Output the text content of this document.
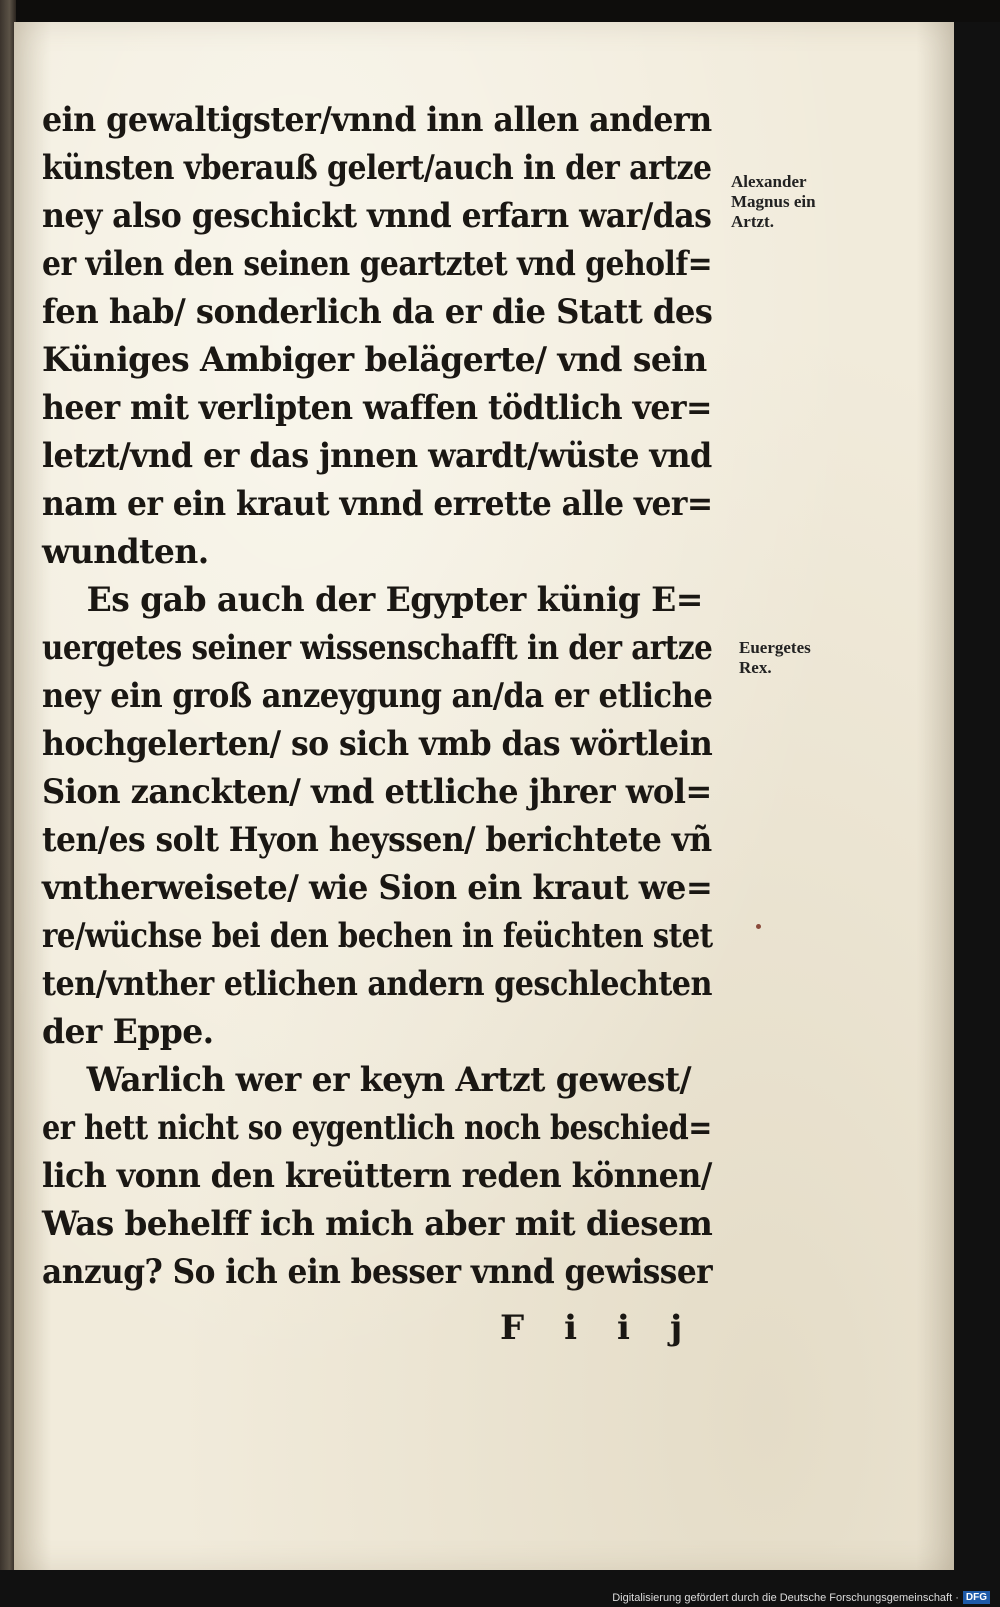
ein gewaltigster/vnnd inn allen andern
künsten vberauß gelert/auch in der artze
ney also geschickt vnnd erfarn war/das
er vilen den seinen geartztet vnd geholf=
fen hab/ sonderlich da er die Statt des
Küniges Ambiger belägerte/ vnd sein
heer mit verlipten waffen tödtlich ver=
letzt/vnd er das jnnen wardt/wüste vnd
nam er ein kraut vnnd errette alle ver=
wundten.
Es gab auch der Egypter künig E=
uergetes seiner wissenschafft in der artze
ney ein groß anzeygung an/da er etliche
hochgelerten/ so sich vmb das wörtlein
Sion zanckten/ vnd ettliche jhrer wol=
ten/es solt Hyon heyssen/ berichtete vñ
vntherweisete/ wie Sion ein kraut we=
re/wüchse bei den bechen in feüchten stet
ten/vnther etlichen andern geschlechten
der Eppe.
Warlich wer er keyn Artzt gewest/
er hett nicht so eygentlich noch beschied=
lich vonn den kreüttern reden können/
Was behelff ich mich aber mit diesem
anzug? So ich ein besser vnnd gewisser
Alexander
Magnus ein
Artzt.
Euergetes
Rex.
Fiij
Digitalisierung gefördert durch die Deutsche Forschungsgemeinschaft · DFG
